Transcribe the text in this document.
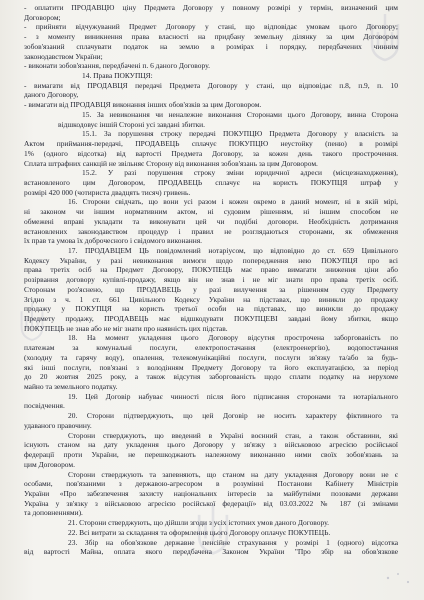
- оплатити ПРОДАВЦЮ ціну Предмета Договору у повному розмірі у термін, визначений цим
Договором;
- прийняти відчужуваний Предмет Договору у стані, що відповідає умовам цього Договору;
- з моменту виникнення права власності на придбану земельну ділянку за цим Договором
зобов'язаний сплачувати податок на землю в розмірах і порядку, передбачених чинним
законодавством України;
- виконати зобов'язання, передбачені п. 6 даного Договору.
14. Права ПОКУПЦЯ:
- вимагати від ПРОДАВЦЯ передачі Предмета Договору у стані, що відповідає п.8, п.9, п. 10
даного Договору,
- вимагати від ПРОДАВЦЯ виконання інших обов'язків за цим Договором.
15. За невиконання чи неналежне виконання Сторонами цього Договору, винна Сторона
відшкодовує іншій Стороні усі завдані збитки.
15.1. За порушення строку передачі ПОКУПЦЮ Предмета Договору у власність за
Актом приймання-передачі, ПРОДАВЕЦЬ сплачує ПОКУПЦЮ неустойку (пеню) в розмірі
1% (одного відсотка) від вартості Предмета Договору, за кожен день такого прострочення.
Сплата штрафних санкцій не звільняє Сторону від виконання зобов'язань за цим Договором.
15.2. У разі порушення строку зміни юридичної адреси (місцезнаходження),
встановленого цим Договором, ПРОДАВЕЦЬ сплачує на користь ПОКУПЦЯ штраф у
розмірі 420 000 (чотириста двадцять тисяч) гривень.
16. Сторони свідчать, що вони усі разом і кожен окремо в даний момент, ні в якій мірі,
ні законом чи іншим нормативним актом, ні судовим рішенням, ні іншим способом не
обмежені вправі укладати та виконувати цей чи подібні договори. Необхідність дотримання
встановлених законодавством процедур і правил не розглядаються сторонами, як обмеження
їх прав та умова їх доброчесного і свідомого виконання.
17. ПРОДАВЦЕМ ЦЬ повідомлений нотаріусом, що відповідно до ст. 659 Цивільного
Кодексу України, у разі невиконання вимоги щодо попередження нею ПОКУПЦЯ про всі
права третіх осіб на Предмет Договору, ПОКУПЕЦЬ має право вимагати зниження ціни або
розірвання договору купівлі-продажу, якщо він не знав і не міг знати про права третіх осіб.
Сторонам роз'яснено, що ПРОДАВЕЦЬ у разі вилучення за рішенням суду Предмету
Згідно з ч. 1 ст. 661 Цивільного Кодексу України на підставах, що виникли до продажу
продажу у ПОКУПЦЯ на користь третьої особи на підставах, що виникли до продажу
Предмету продажу, ПРОДАВЕЦЬ має відшкодувати ПОКУПЦЕВІ завдані йому збитки, якщо
ПОКУПЕЦЬ не знав або не міг знати про наявність цих підстав.
18. На момент укладення цього Договору відсутня прострочена заборгованість по
платежам за комунальні послуги, електропостачання (електроенергію), водопостачання
(холодну та гарячу воду), опалення, телекомунікаційні послуги, послуги зв'язку та/або за будь-
які інші послуги, пов'язані з володінням Предмету Договору та його експлуатацією, за період
до 20 жовтня 2025 року, а також відсутня заборгованість щодо сплати податку на нерухоме
майно та земельного податку.
19. Цей Договір набуває чинності після його підписання сторонами та нотаріального
посвідчення.
20. Сторони підтверджують, що цей Договір не носить характеру фіктивного та
удаваного правочину.
Сторони стверджують, що введений в Україні воєнний стан, а також обставини, які
існують станом на дату укладення цього Договору у зв'язку з військовою агресією російської
федерації проти України, не перешкоджають належному виконанню ними своїх зобов'язань за
цим Договором.
Сторони стверджують та запевняють, що станом на дату укладення Договору вони не є
особами, пов'язаними з державою-агресором в розумінні Постанови Кабінету Міністрів
України «Про забезпечення захисту національних інтересів за майбутніми позовами держави
Україна у зв'язку з військовою агресією російської федерації» від 03.03.2022 № 187 (зі змінами
та доповненнями).
21. Сторони стверджують, що дійшли згоди з усіх істотних умов даного Договору.
22. Всі витрати за складання та оформлення цього Договору оплачує ПОКУПЕЦЬ.
23. Збір на обов'язкове державне пенсійне страхування у розмірі 1 (одного) відсотка
від вартості Майна, оплата якого передбачена Законом України "Про збір на обов'язкове
